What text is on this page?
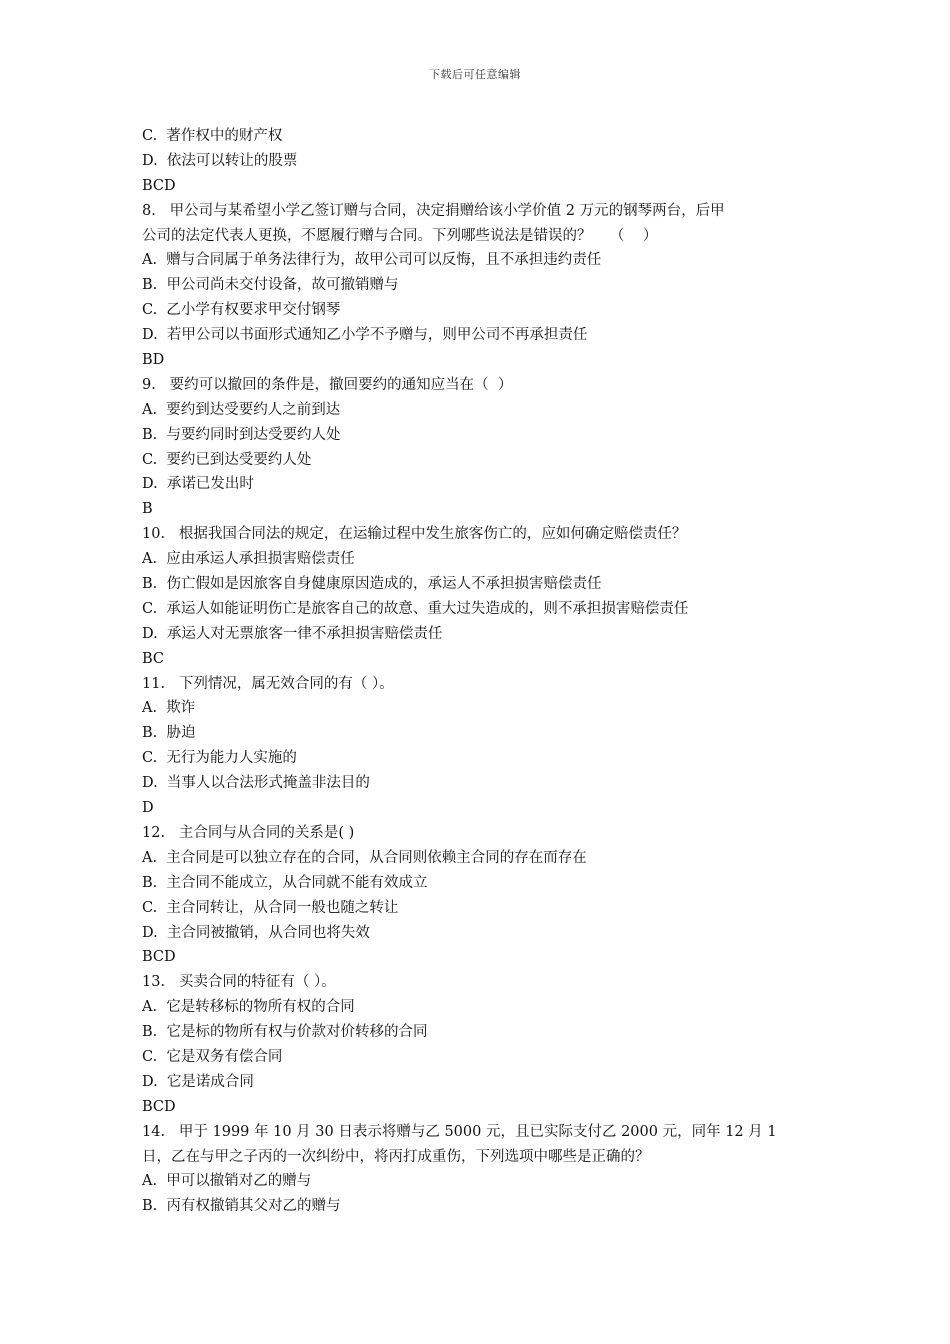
下载后可任意编辑
C.  著作权中的财产权
D.  依法可以转让的股票
BCD
8.   甲公司与某希望小学乙签订赠与合同，决定捐赠给该小学价值 2 万元的钢琴两台，后甲
公司的法定代表人更换，不愿履行赠与合同。下列哪些说法是错误的？    （    ）
A.  赠与合同属于单务法律行为，故甲公司可以反悔，且不承担违约责任
B.  甲公司尚未交付设备，故可撤销赠与
C.  乙小学有权要求甲交付钢琴
D.  若甲公司以书面形式通知乙小学不予赠与，则甲公司不再承担责任
BD
9.   要约可以撤回的条件是，撤回要约的通知应当在（  ）
A.  要约到达受要约人之前到达
B.  与要约同时到达受要约人处
C.  要约已到达受要约人处
D.  承诺已发出时
B
10.   根据我国合同法的规定，在运输过程中发生旅客伤亡的，应如何确定赔偿责任？
A.  应由承运人承担损害赔偿责任
B.  伤亡假如是因旅客自身健康原因造成的，承运人不承担损害赔偿责任
C.  承运人如能证明伤亡是旅客自己的故意、重大过失造成的，则不承担损害赔偿责任
D.  承运人对无票旅客一律不承担损害赔偿责任
BC
11.   下列情况，属无效合同的有（ ）。
A.  欺诈
B.  胁迫
C.  无行为能力人实施的
D.  当事人以合法形式掩盖非法目的
D
12.   主合同与从合同的关系是( )
A.  主合同是可以独立存在的合同，从合同则依赖主合同的存在而存在
B.  主合同不能成立，从合同就不能有效成立
C.  主合同转让，从合同一般也随之转让
D.  主合同被撤销，从合同也将失效
BCD
13.   买卖合同的特征有（ ）。
A.  它是转移标的物所有权的合同
B.  它是标的物所有权与价款对价转移的合同
C.  它是双务有偿合同
D.  它是诺成合同
BCD
14.   甲于 1999 年 10 月 30 日表示将赠与乙 5000 元，且已实际支付乙 2000 元，同年 12 月 1
日，乙在与甲之子丙的一次纠纷中，将丙打成重伤，下列选项中哪些是正确的？
A.  甲可以撤销对乙的赠与
B.  丙有权撤销其父对乙的赠与
